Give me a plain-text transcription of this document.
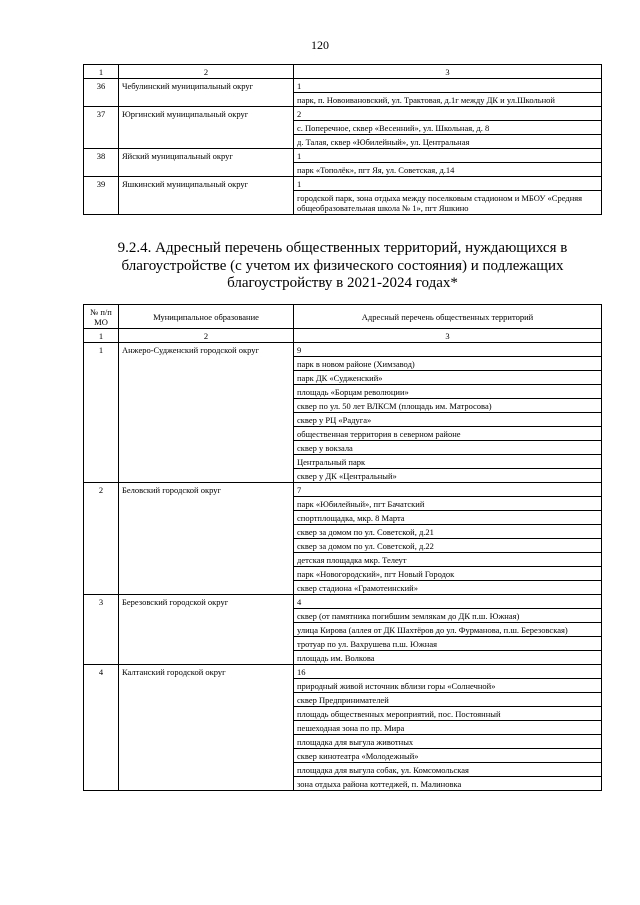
120
1	2	3
36	Чебулинский муниципальный округ	1
		парк, п. Новоивановский, ул. Трактовая, д.1г между ДК и ул.Школьной
37	Юргинский муниципальный округ	2
		с. Поперечное, сквер «Весенний», ул. Школьная, д. 8
		д. Талая, сквер «Юбилейный», ул. Центральная
38	Яйский муниципальный округ	1
		парк «Тополёк», пгт Яя, ул. Советская, д.14
39	Яшкинский муниципальный округ	1
		городской парк, зона отдыха между поселковым стадионом и МБОУ «Средняя общеобразовательная школа № 1», пгт Яшкино
9.2.4. Адресный перечень общественных территорий, нуждающихся в благоустройстве (с учетом их физического состояния) и подлежащих благоустройству в 2021-2024 годах*
№ п/п МО	Муниципальное образование	Адресный перечень общественных территорий
1	2	3
1	Анжеро-Судженский городской округ	9
		парк в новом районе (Химзавод)
		парк ДК «Судженский»
		площадь «Борцам революции»
		сквер по ул. 50 лет ВЛКСМ (площадь им. Матросова)
		сквер у РЦ «Радуга»
		общественная территория в северном районе
		сквер у вокзала
		Центральный парк
		сквер у ДК «Центральный»
2	Беловский городской округ	7
		парк «Юбилейный», пгт Бачатский
		спортплощадка, мкр. 8 Марта
		сквер за домом по ул. Советской, д.21
		сквер за домом по ул. Советской, д.22
		детская площадка мкр. Телеут
		парк «Новогородский», пгт Новый Городок
		сквер стадиона «Грамотеинский»
3	Березовский городской округ	4
		сквер (от памятника погибшим землякам до ДК п.ш. Южная)
		улица Кирова (аллея от ДК Шахтёров до ул. Фурманова, п.ш. Березовская)
		тротуар по ул. Вахрушева п.ш. Южная
		площадь им. Волкова
4	Калтанский городской округ	16
		природный живой источник вблизи горы «Солнечной»
		сквер Предпринимателей
		площадь общественных мероприятий, пос. Постоянный
		пешеходная зона по пр. Мира
		площадка для выгула животных
		сквер кинотеатра «Молодежный»
		площадка для выгула собак, ул. Комсомольская
		зона отдыха района коттеджей, п. Малиновка
